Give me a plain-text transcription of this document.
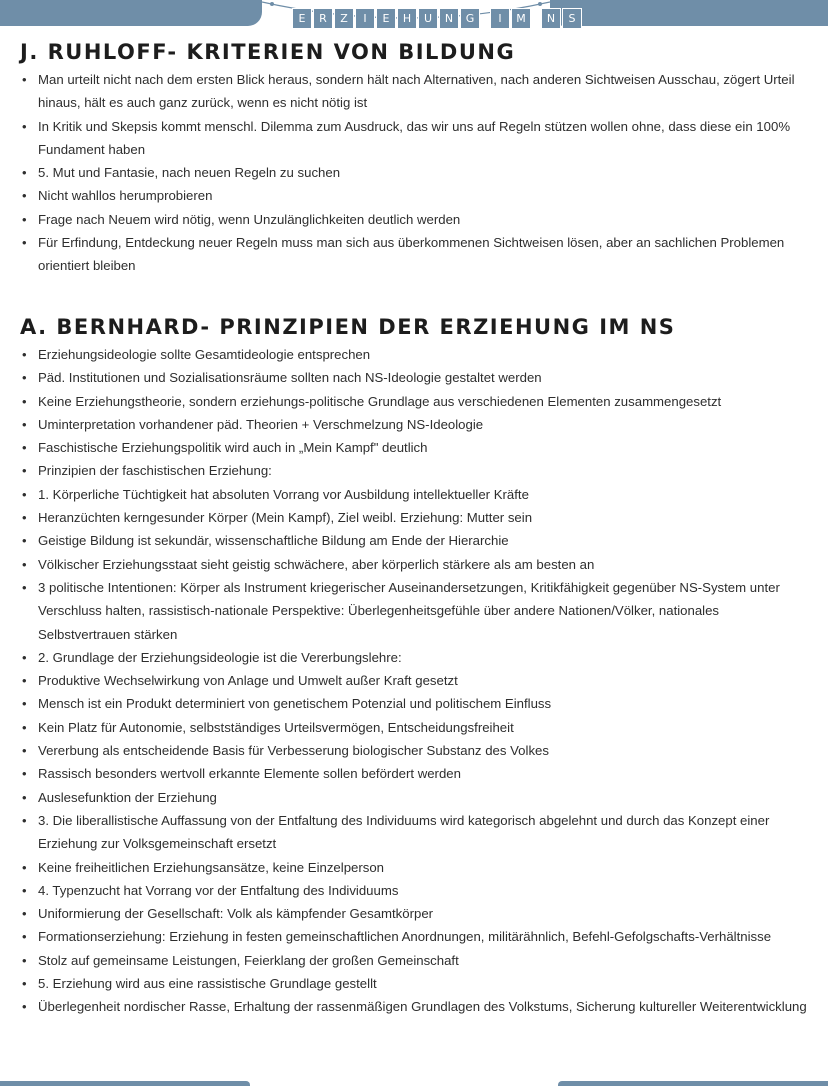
E	R	Z	I	E	H	U	N	G	I	M	N	S
J. RUHLOFF- KRITERIEN VON BILDUNG
• Man urteilt nicht nach dem ersten Blick heraus, sondern hält nach Alternativen, nach anderen Sichtweisen Ausschau, zögert Urteil hinaus, hält es auch ganz zurück, wenn es nicht nötig ist
• In Kritik und Skepsis kommt menschl. Dilemma zum Ausdruck, das wir uns auf Regeln stützen wollen ohne, dass diese ein 100% Fundament haben
• 5. Mut und Fantasie, nach neuen Regeln zu suchen
• Nicht wahllos herumprobieren
• Frage nach Neuem wird nötig, wenn Unzulänglichkeiten deutlich werden
• Für Erfindung, Entdeckung neuer Regeln muss man sich aus überkommenen Sichtweisen lösen, aber an sachlichen Problemen orientiert bleiben
A. BERNHARD- PRINZIPIEN DER ERZIEHUNG IM NS
• Erziehungsideologie sollte Gesamtideologie entsprechen
• Päd. Institutionen und Sozialisationsräume sollten nach NS-Ideologie gestaltet werden
• Keine Erziehungstheorie, sondern erziehungs-politische Grundlage aus verschiedenen Elementen zusammengesetzt
• Uminterpretation vorhandener päd. Theorien + Verschmelzung NS-Ideologie
• Faschistische Erziehungspolitik wird auch in „Mein Kampf" deutlich
• Prinzipien der faschistischen Erziehung:
• 1. Körperliche Tüchtigkeit hat absoluten Vorrang vor Ausbildung intellektueller Kräfte
• Heranzüchten kerngesunder Körper (Mein Kampf), Ziel weibl. Erziehung: Mutter sein
• Geistige Bildung ist sekundär, wissenschaftliche Bildung am Ende der Hierarchie
• Völkischer Erziehungsstaat sieht geistig schwächere, aber körperlich stärkere als am besten an
• 3 politische Intentionen: Körper als Instrument kriegerischer Auseinandersetzungen, Kritikfähigkeit gegenüber NS-System unter Verschluss halten, rassistisch-nationale Perspektive: Überlegenheitsgefühle über andere Nationen/Völker, nationales Selbstvertrauen stärken
• 2. Grundlage der Erziehungsideologie ist die Vererbungslehre:
• Produktive Wechselwirkung von Anlage und Umwelt außer Kraft gesetzt
• Mensch ist ein Produkt determiniert von genetischem Potenzial und politischem Einfluss
• Kein Platz für Autonomie, selbstständiges Urteilsvermögen, Entscheidungsfreiheit
• Vererbung als entscheidende Basis für Verbesserung biologischer Substanz des Volkes
• Rassisch besonders wertvoll erkannte Elemente sollen befördert werden
• Auslesefunktion der Erziehung
• 3. Die liberallistische Auffassung von der Entfaltung des Individuums wird kategorisch abgelehnt und durch das Konzept einer Erziehung zur Volksgemeinschaft ersetzt
• Keine freiheitlichen Erziehungsansätze, keine Einzelperson
• 4. Typenzucht hat Vorrang vor der Entfaltung des Individuums
• Uniformierung der Gesellschaft: Volk als kämpfender Gesamtkörper
• Formationserziehung: Erziehung in festen gemeinschaftlichen Anordnungen, militärähnlich, Befehl-Gefolgschafts-Verhältnisse
• Stolz auf gemeinsame Leistungen, Feierklang der großen Gemeinschaft
• 5. Erziehung wird aus eine rassistische Grundlage gestellt
• Überlegenheit nordischer Rasse, Erhaltung der rassenmäßigen Grundlagen des Volkstums, Sicherung kultureller Weiterentwicklung
